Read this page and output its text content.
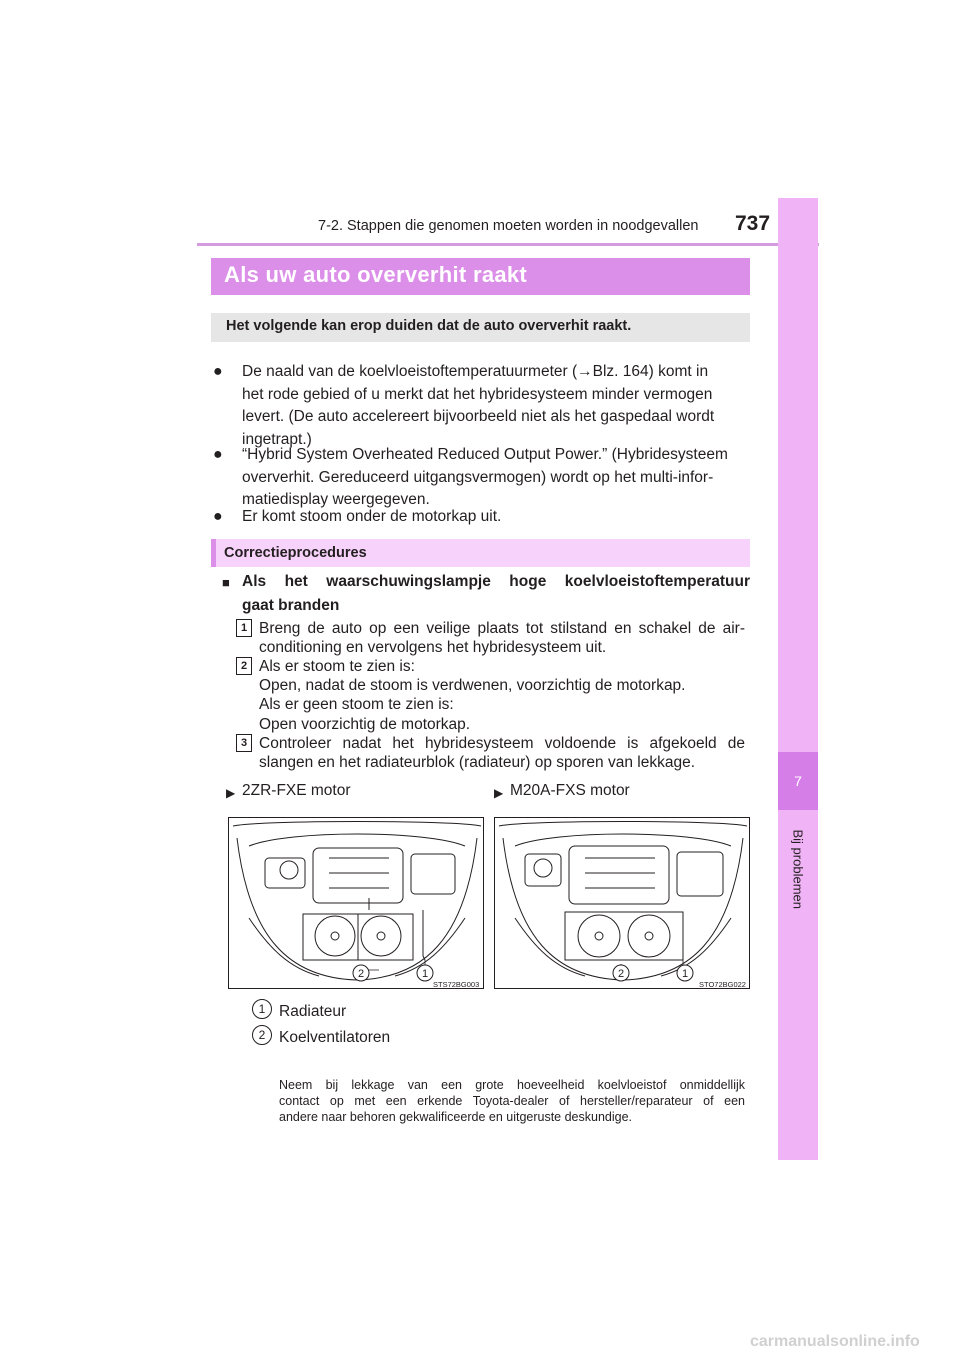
7-2. Stappen die genomen moeten worden in noodgevallen 737
7
Bij problemen
Als uw auto oververhit raakt
Het volgende kan erop duiden dat de auto oververhit raakt.
● De naald van de koelvloeistoftemperatuurmeter (→Blz. 164) komt in
het rode gebied of u merkt dat het hybridesysteem minder vermogen
levert. (De auto accelereert bijvoorbeeld niet als het gaspedaal wordt
ingetrapt.)
● “Hybrid System Overheated Reduced Output Power.” (Hybridesysteem
oververhit. Gereduceerd uitgangsvermogen) wordt op het multi-infor-
matiedisplay weergegeven.
● Er komt stoom onder de motorkap uit.
Correctieprocedures
■ Als het waarschuwingslampje hoge koelvloeistoftemperatuur
gaat branden
1 Breng de auto op een veilige plaats tot stilstand en schakel de air-
conditioning en vervolgens het hybridesysteem uit.
2 Als er stoom te zien is:
Open, nadat de stoom is verdwenen, voorzichtig de motorkap.
Als er geen stoom te zien is:
Open voorzichtig de motorkap.
3 Controleer nadat het hybridesysteem voldoende is afgekoeld de
slangen en het radiateurblok (radiateur) op sporen van lekkage.
▶ 2ZR-FXE motor	▶ M20A-FXS motor
2	1
STS72BG003
2	1
STO72BG022
1 Radiateur
2 Koelventilatoren
Neem bij lekkage van een grote hoeveelheid koelvloeistof onmiddellijk
contact op met een erkende Toyota-dealer of hersteller/reparateur of een
andere naar behoren gekwalificeerde en uitgeruste deskundige.
carmanualsonline.info
